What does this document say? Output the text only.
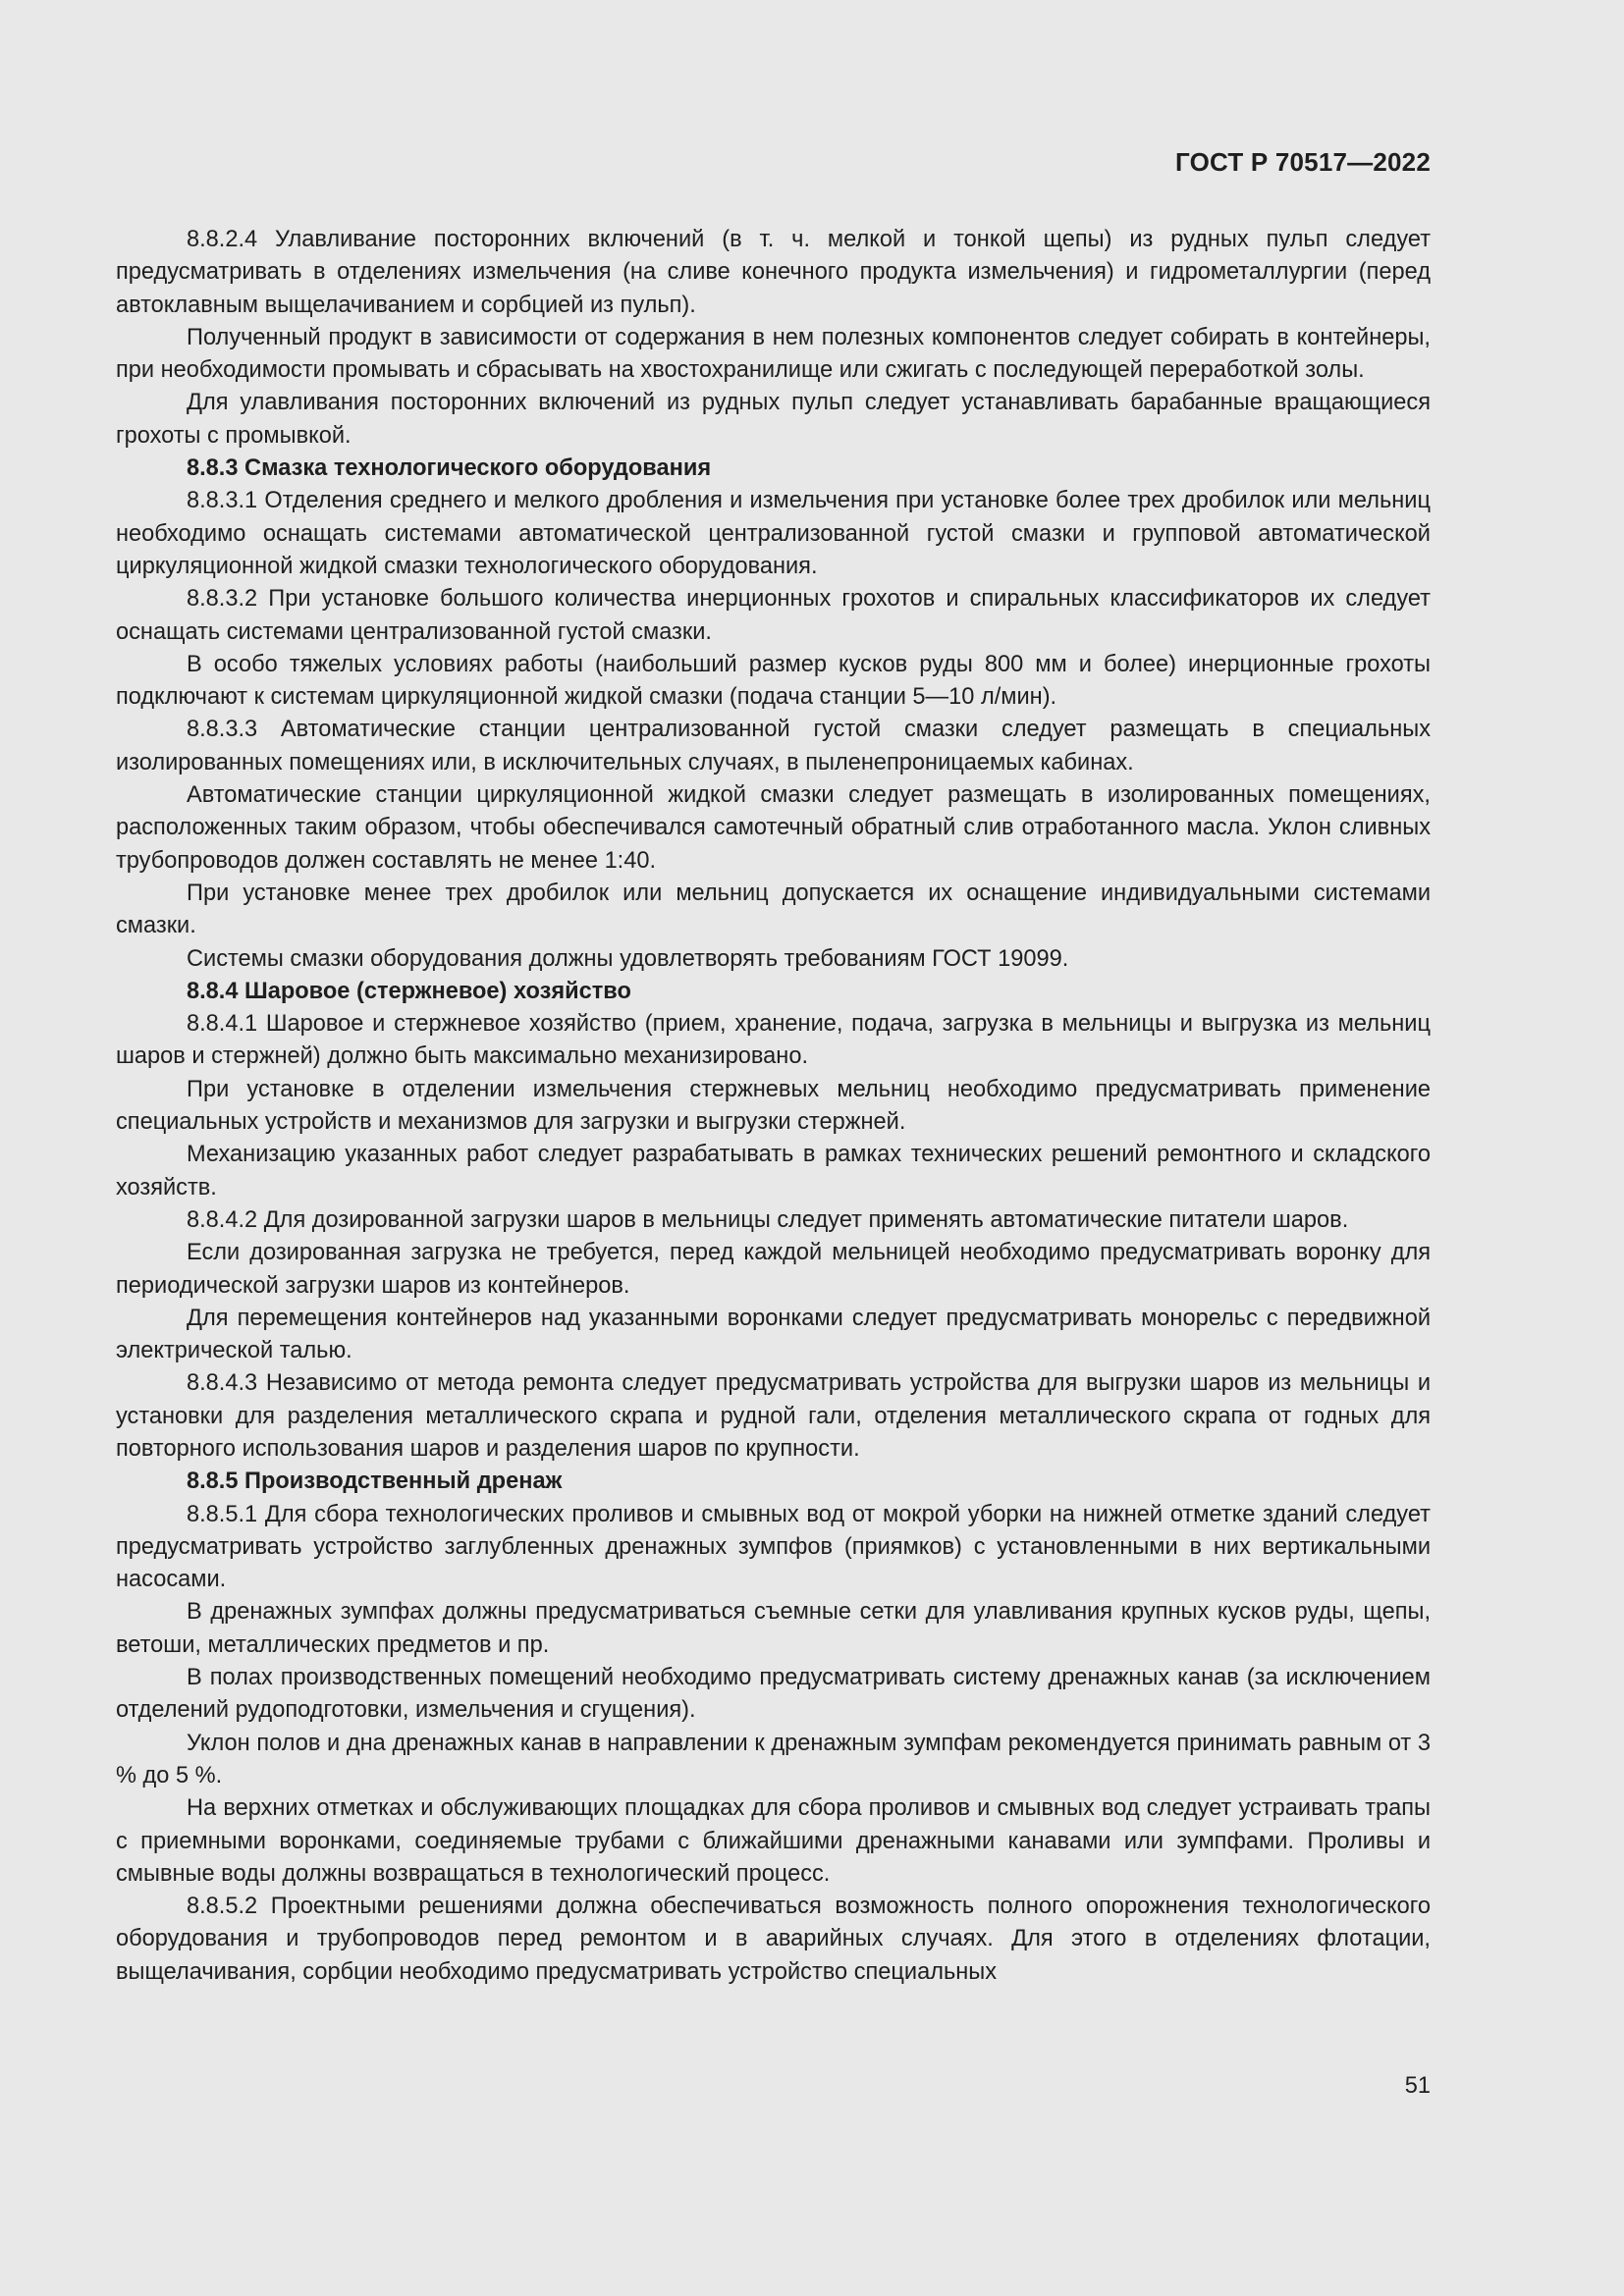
ГОСТ Р 70517—2022

8.8.2.4 Улавливание посторонних включений (в т. ч. мелкой и тонкой щепы) из рудных пульп следует предусматривать в отделениях измельчения (на сливе конечного продукта измельчения) и гидрометаллургии (перед автоклавным выщелачиванием и сорбцией из пульп).

Полученный продукт в зависимости от содержания в нем полезных компонентов следует собирать в контейнеры, при необходимости промывать и сбрасывать на хвостохранилище или сжигать с последующей переработкой золы.

Для улавливания посторонних включений из рудных пульп следует устанавливать барабанные вращающиеся грохоты с промывкой.

8.8.3 Смазка технологического оборудования

8.8.3.1 Отделения среднего и мелкого дробления и измельчения при установке более трех дробилок или мельниц необходимо оснащать системами автоматической централизованной густой смазки и групповой автоматической циркуляционной жидкой смазки технологического оборудования.

8.8.3.2 При установке большого количества инерционных грохотов и спиральных классификаторов их следует оснащать системами централизованной густой смазки.

В особо тяжелых условиях работы (наибольший размер кусков руды 800 мм и более) инерционные грохоты подключают к системам циркуляционной жидкой смазки (подача станции 5—10 л/мин).

8.8.3.3 Автоматические станции централизованной густой смазки следует размещать в специальных изолированных помещениях или, в исключительных случаях, в пыленепроницаемых кабинах.

Автоматические станции циркуляционной жидкой смазки следует размещать в изолированных помещениях, расположенных таким образом, чтобы обеспечивался самотечный обратный слив отработанного масла. Уклон сливных трубопроводов должен составлять не менее 1:40.

При установке менее трех дробилок или мельниц допускается их оснащение индивидуальными системами смазки.

Системы смазки оборудования должны удовлетворять требованиям ГОСТ 19099.

8.8.4 Шаровое (стержневое) хозяйство

8.8.4.1 Шаровое и стержневое хозяйство (прием, хранение, подача, загрузка в мельницы и выгрузка из мельниц шаров и стержней) должно быть максимально механизировано.

При установке в отделении измельчения стержневых мельниц необходимо предусматривать применение специальных устройств и механизмов для загрузки и выгрузки стержней.

Механизацию указанных работ следует разрабатывать в рамках технических решений ремонтного и складского хозяйств.

8.8.4.2 Для дозированной загрузки шаров в мельницы следует применять автоматические питатели шаров.

Если дозированная загрузка не требуется, перед каждой мельницей необходимо предусматривать воронку для периодической загрузки шаров из контейнеров.

Для перемещения контейнеров над указанными воронками следует предусматривать монорельс с передвижной электрической талью.

8.8.4.3 Независимо от метода ремонта следует предусматривать устройства для выгрузки шаров из мельницы и установки для разделения металлического скрапа и рудной гали, отделения металлического скрапа от годных для повторного использования шаров и разделения шаров по крупности.

8.8.5 Производственный дренаж

8.8.5.1 Для сбора технологических проливов и смывных вод от мокрой уборки на нижней отметке зданий следует предусматривать устройство заглубленных дренажных зумпфов (приямков) с установленными в них вертикальными насосами.

В дренажных зумпфах должны предусматриваться съемные сетки для улавливания крупных кусков руды, щепы, ветоши, металлических предметов и пр.

В полах производственных помещений необходимо предусматривать систему дренажных канав (за исключением отделений рудоподготовки, измельчения и сгущения).

Уклон полов и дна дренажных канав в направлении к дренажным зумпфам рекомендуется принимать равным от 3 % до 5 %.

На верхних отметках и обслуживающих площадках для сбора проливов и смывных вод следует устраивать трапы с приемными воронками, соединяемые трубами с ближайшими дренажными канавами или зумпфами. Проливы и смывные воды должны возвращаться в технологический процесс.

8.8.5.2 Проектными решениями должна обеспечиваться возможность полного опорожнения технологического оборудования и трубопроводов перед ремонтом и в аварийных случаях. Для этого в отделениях флотации, выщелачивания, сорбции необходимо предусматривать устройство специальных

51
